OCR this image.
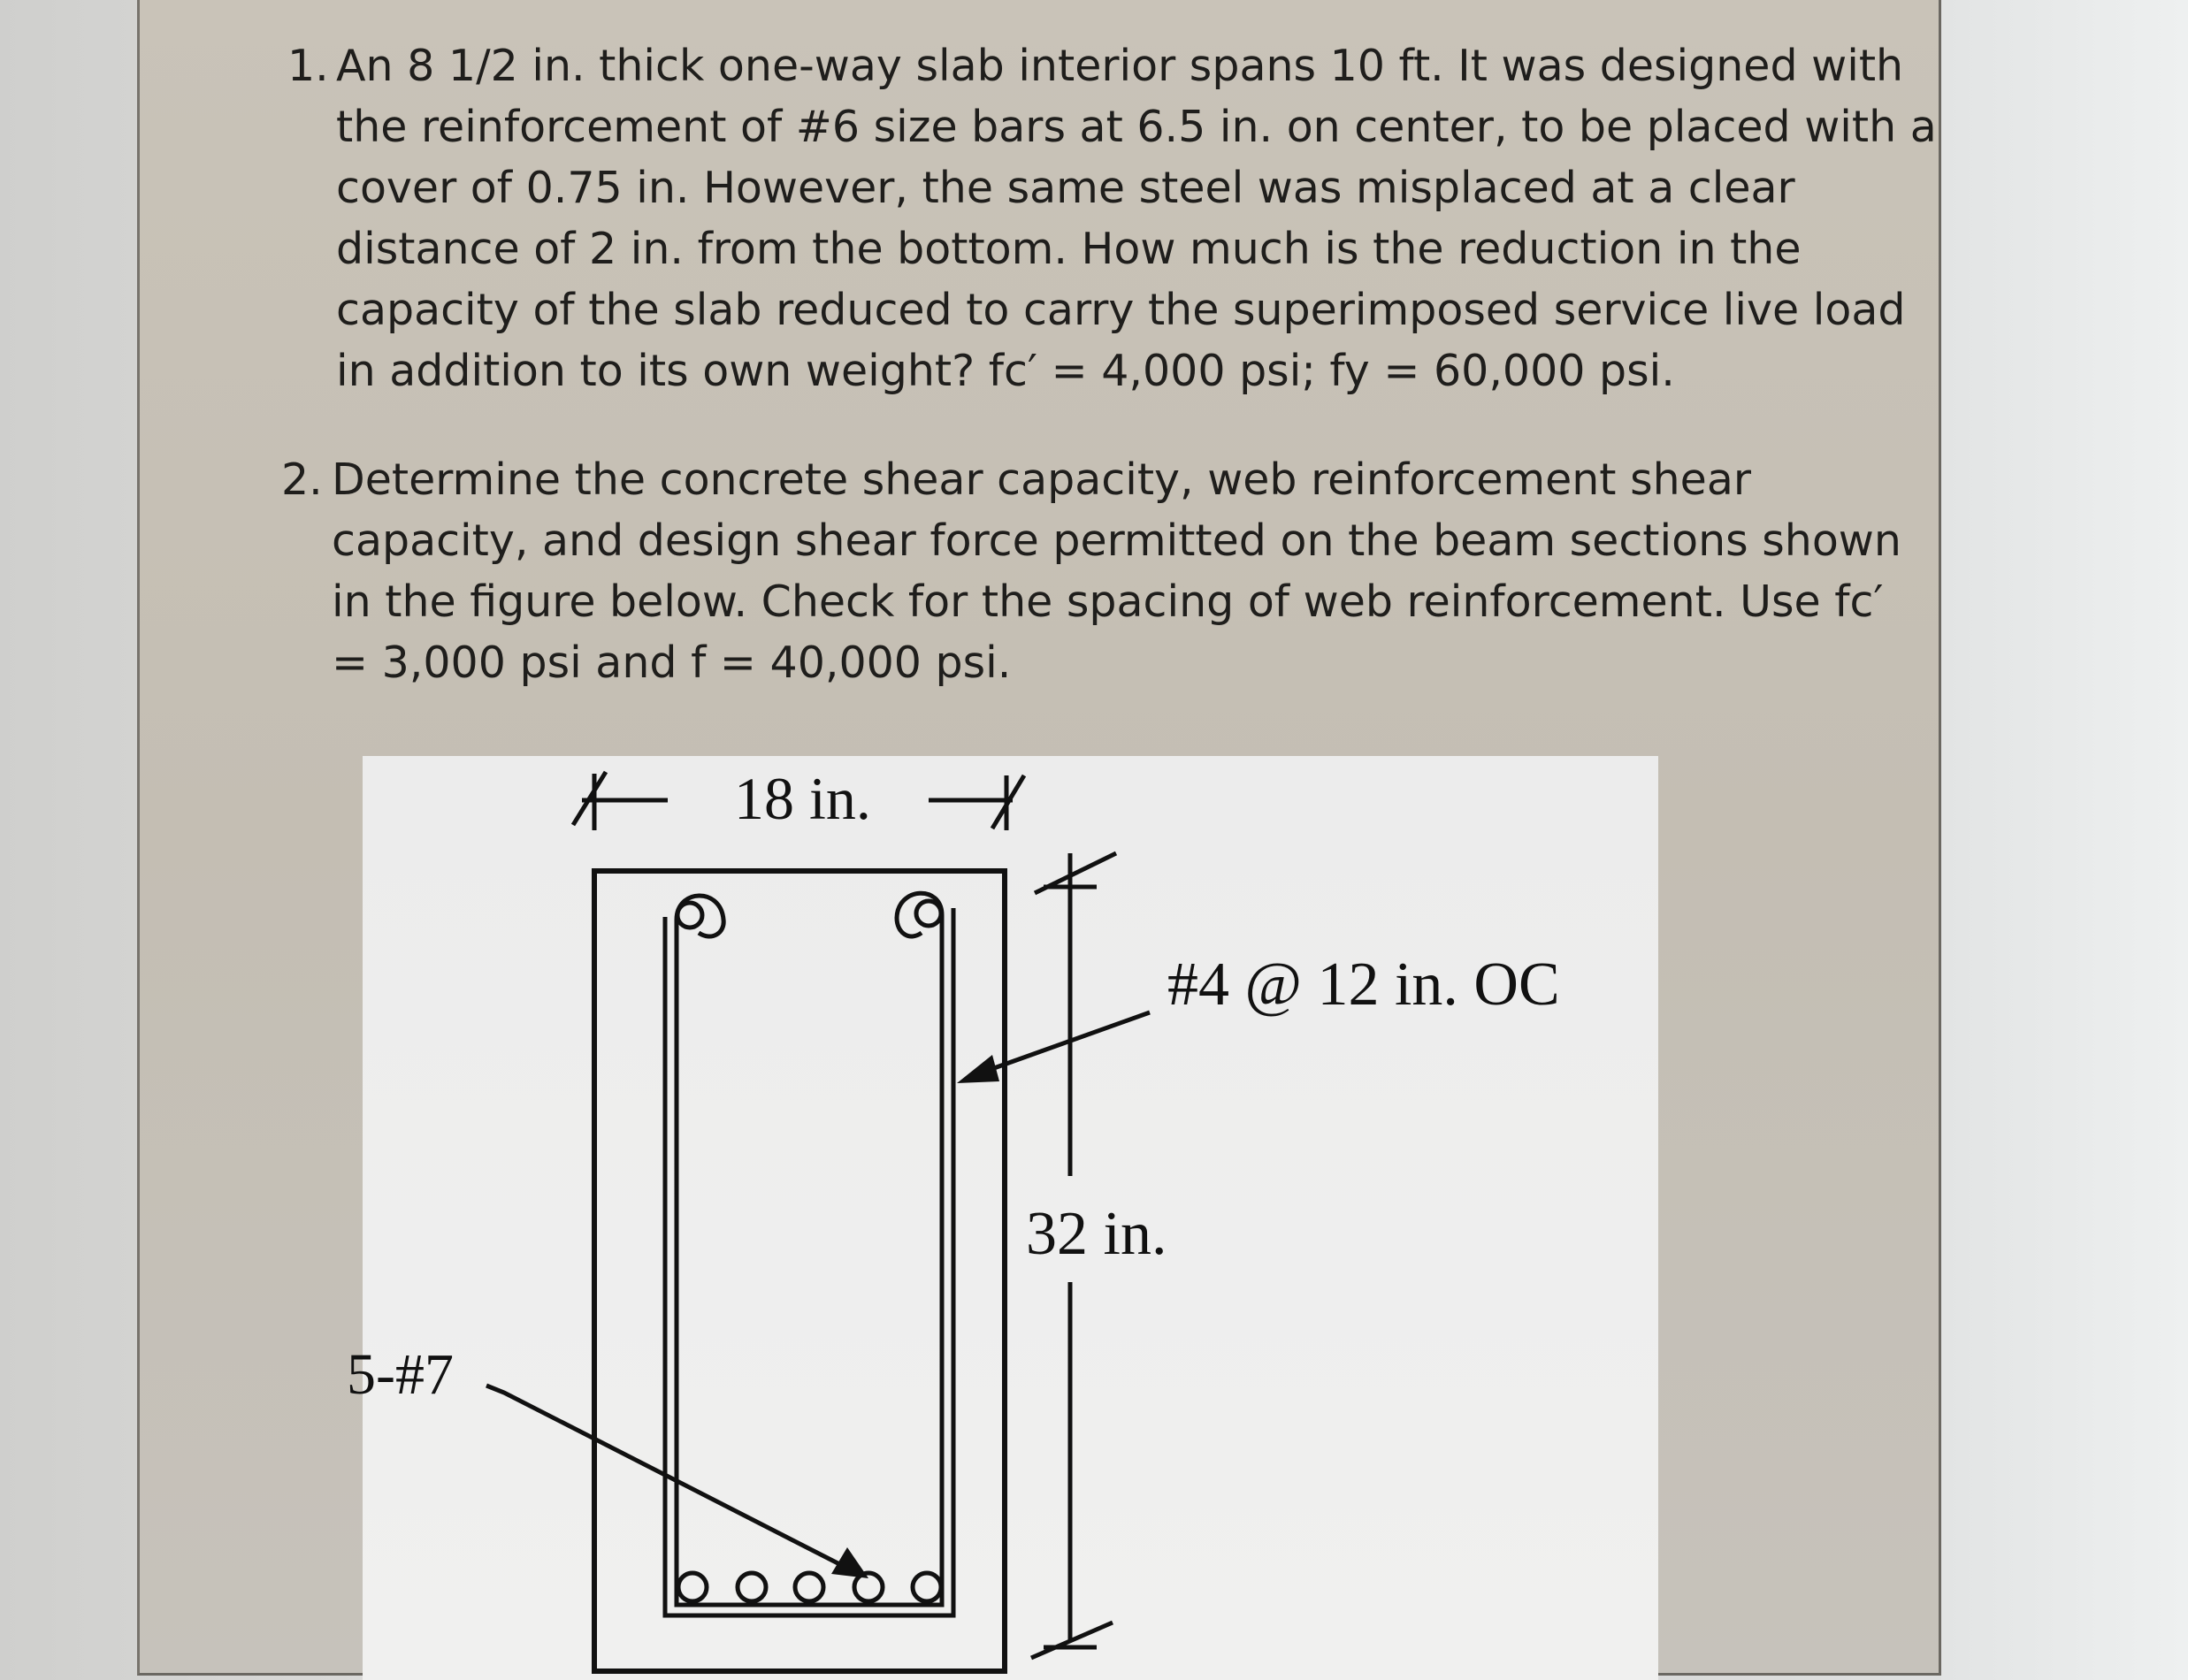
1. An 8 1/2 in. thick one-way slab interior spans 10 ft. It was designed with
the reinforcement of #6 size bars at 6.5 in. on center, to be placed with a
cover of 0.75 in. However, the same steel was misplaced at a clear
distance of 2 in. from the bottom. How much is the reduction in the
capacity of the slab reduced to carry the superimposed service live load
in addition to its own weight? fc′ = 4,000 psi; fy = 60,000 psi.
2. Determine the concrete shear capacity, web reinforcement shear
capacity, and design shear force permitted on the beam sections shown
in the figure below. Check for the spacing of web reinforcement. Use fc′
= 3,000 psi and f = 40,000 psi.
18 in.
#4 @ 12 in. OC
32 in.
5-#7
